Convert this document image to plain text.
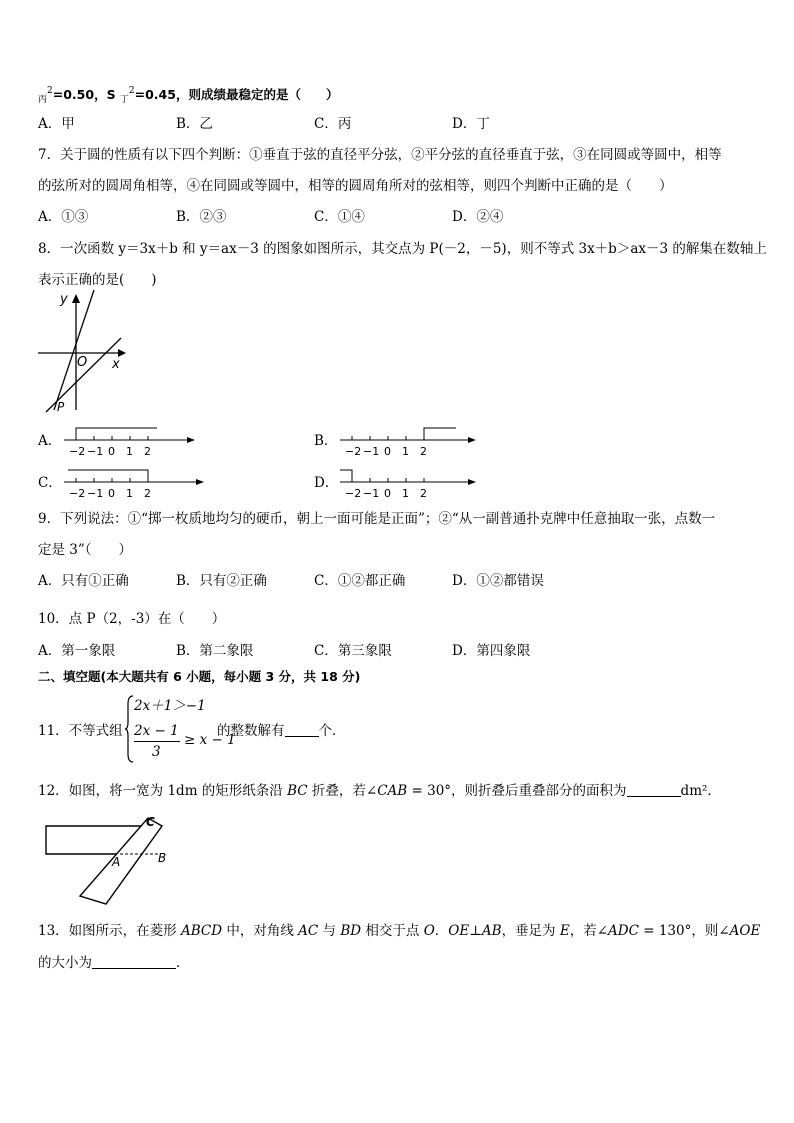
$_丙^2$=0.50，S $_丁^2$=0.45，则成绩最稳定的是（　　）
A．甲	B．乙	C．丙	D．丁
7．关于圆的性质有以下四个判断：①垂直于弦的直径平分弦，②平分弦的直径垂直于弦，③在同圆或等圆中，相等
的弦所对的圆周角相等，④在同圆或等圆中，相等的圆周角所对的弦相等，则四个判断中正确的是（　　）
A．①③	B．②③	C．①④	D．②④
8．一次函数 y＝3x＋b 和 y＝ax－3 的图象如图所示，其交点为 P(－2，－5)，则不等式 3x＋b＞ax－3 的解集在数轴上
表示正确的是(　　)
y
x
O
P
A．
−2 −1 0 1 2
B．
−2 −1 0 1 2
C．
−2 −1 0 1 2
D．
−2 −1 0 1 2
9．下列说法：①“掷一枚质地均匀的硬币，朝上一面可能是正面”；②“从一副普通扑克牌中任意抽取一张，点数一
定是 3”（　　）
A．只有①正确	B．只有②正确	C．①②都正确	D．①②都错误
10．点 P（2，-3）在（　　）
A．第一象限	B．第二象限	C．第三象限	D．第四象限
二、填空题(本大题共有 6 小题，每小题 3 分，共 18 分)
11．不等式组
2x＋1＞−1
2x − 1
3
≥ x − 1
的整数解有	个．
12．如图，将一宽为 1dm 的矩形纸条沿 BC 折叠，若∠CAB = 30°，则折叠后重叠部分的面积为	dm²．
C
A	B
13．如图所示，在菱形 ABCD 中，对角线 AC 与 BD 相交于点 O．OE⊥AB，垂足为 E，若∠ADC = 130°，则∠AOE
的大小为	．
